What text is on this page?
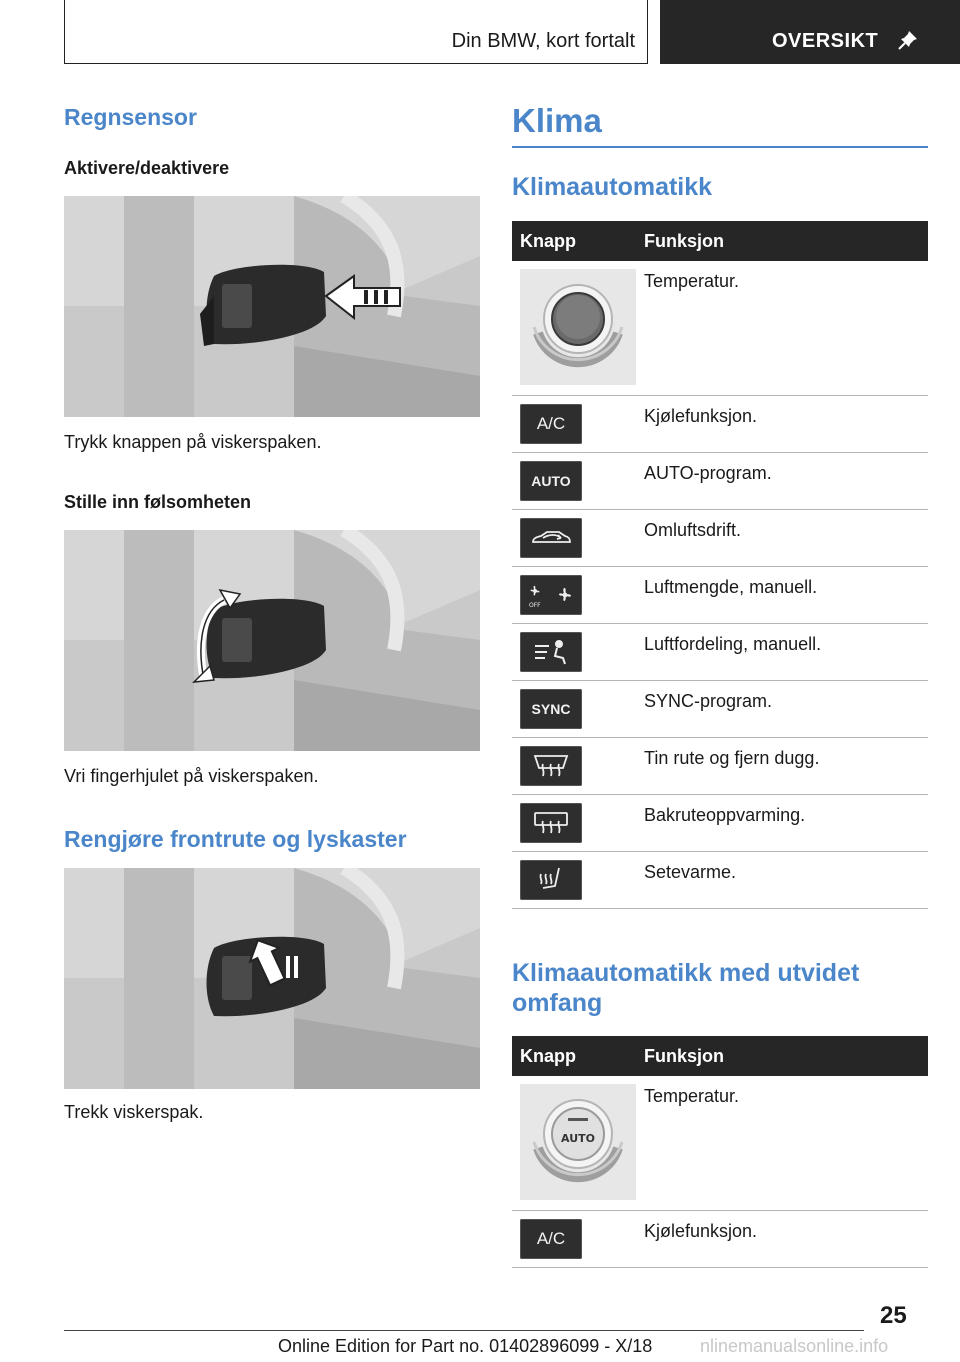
Din BMW, kort fortalt	OVERSIKT
Regnsensor
Aktivere/deaktivere

Trykk knappen på viskerspaken.

Stille inn følsomheten

Vri fingerhjulet på viskerspaken.

Rengjøre frontrute og lyskaster

Trekk viskerspak.

Klima
Klimaautomatikk
Knapp	Funksjon

	Temperatur.

A/C	Kjølefunksjon.

AUTO	AUTO-program.

	Omluftsdrift.

OFF	Luftmengde, manuell.

	Luftfordeling, manuell.

SYNC	SYNC-program.

	Tin rute og fjern dugg.

	Bakruteoppvarming.

	Setevarme.
Klimaautomatikk med utvidet omfang
Knapp	Funksjon

AUTO	Temperatur.

A/C	Kjølefunksjon.
25
Online Edition for Part no. 01402896099 - X/18	nlinemanualsonline.info
